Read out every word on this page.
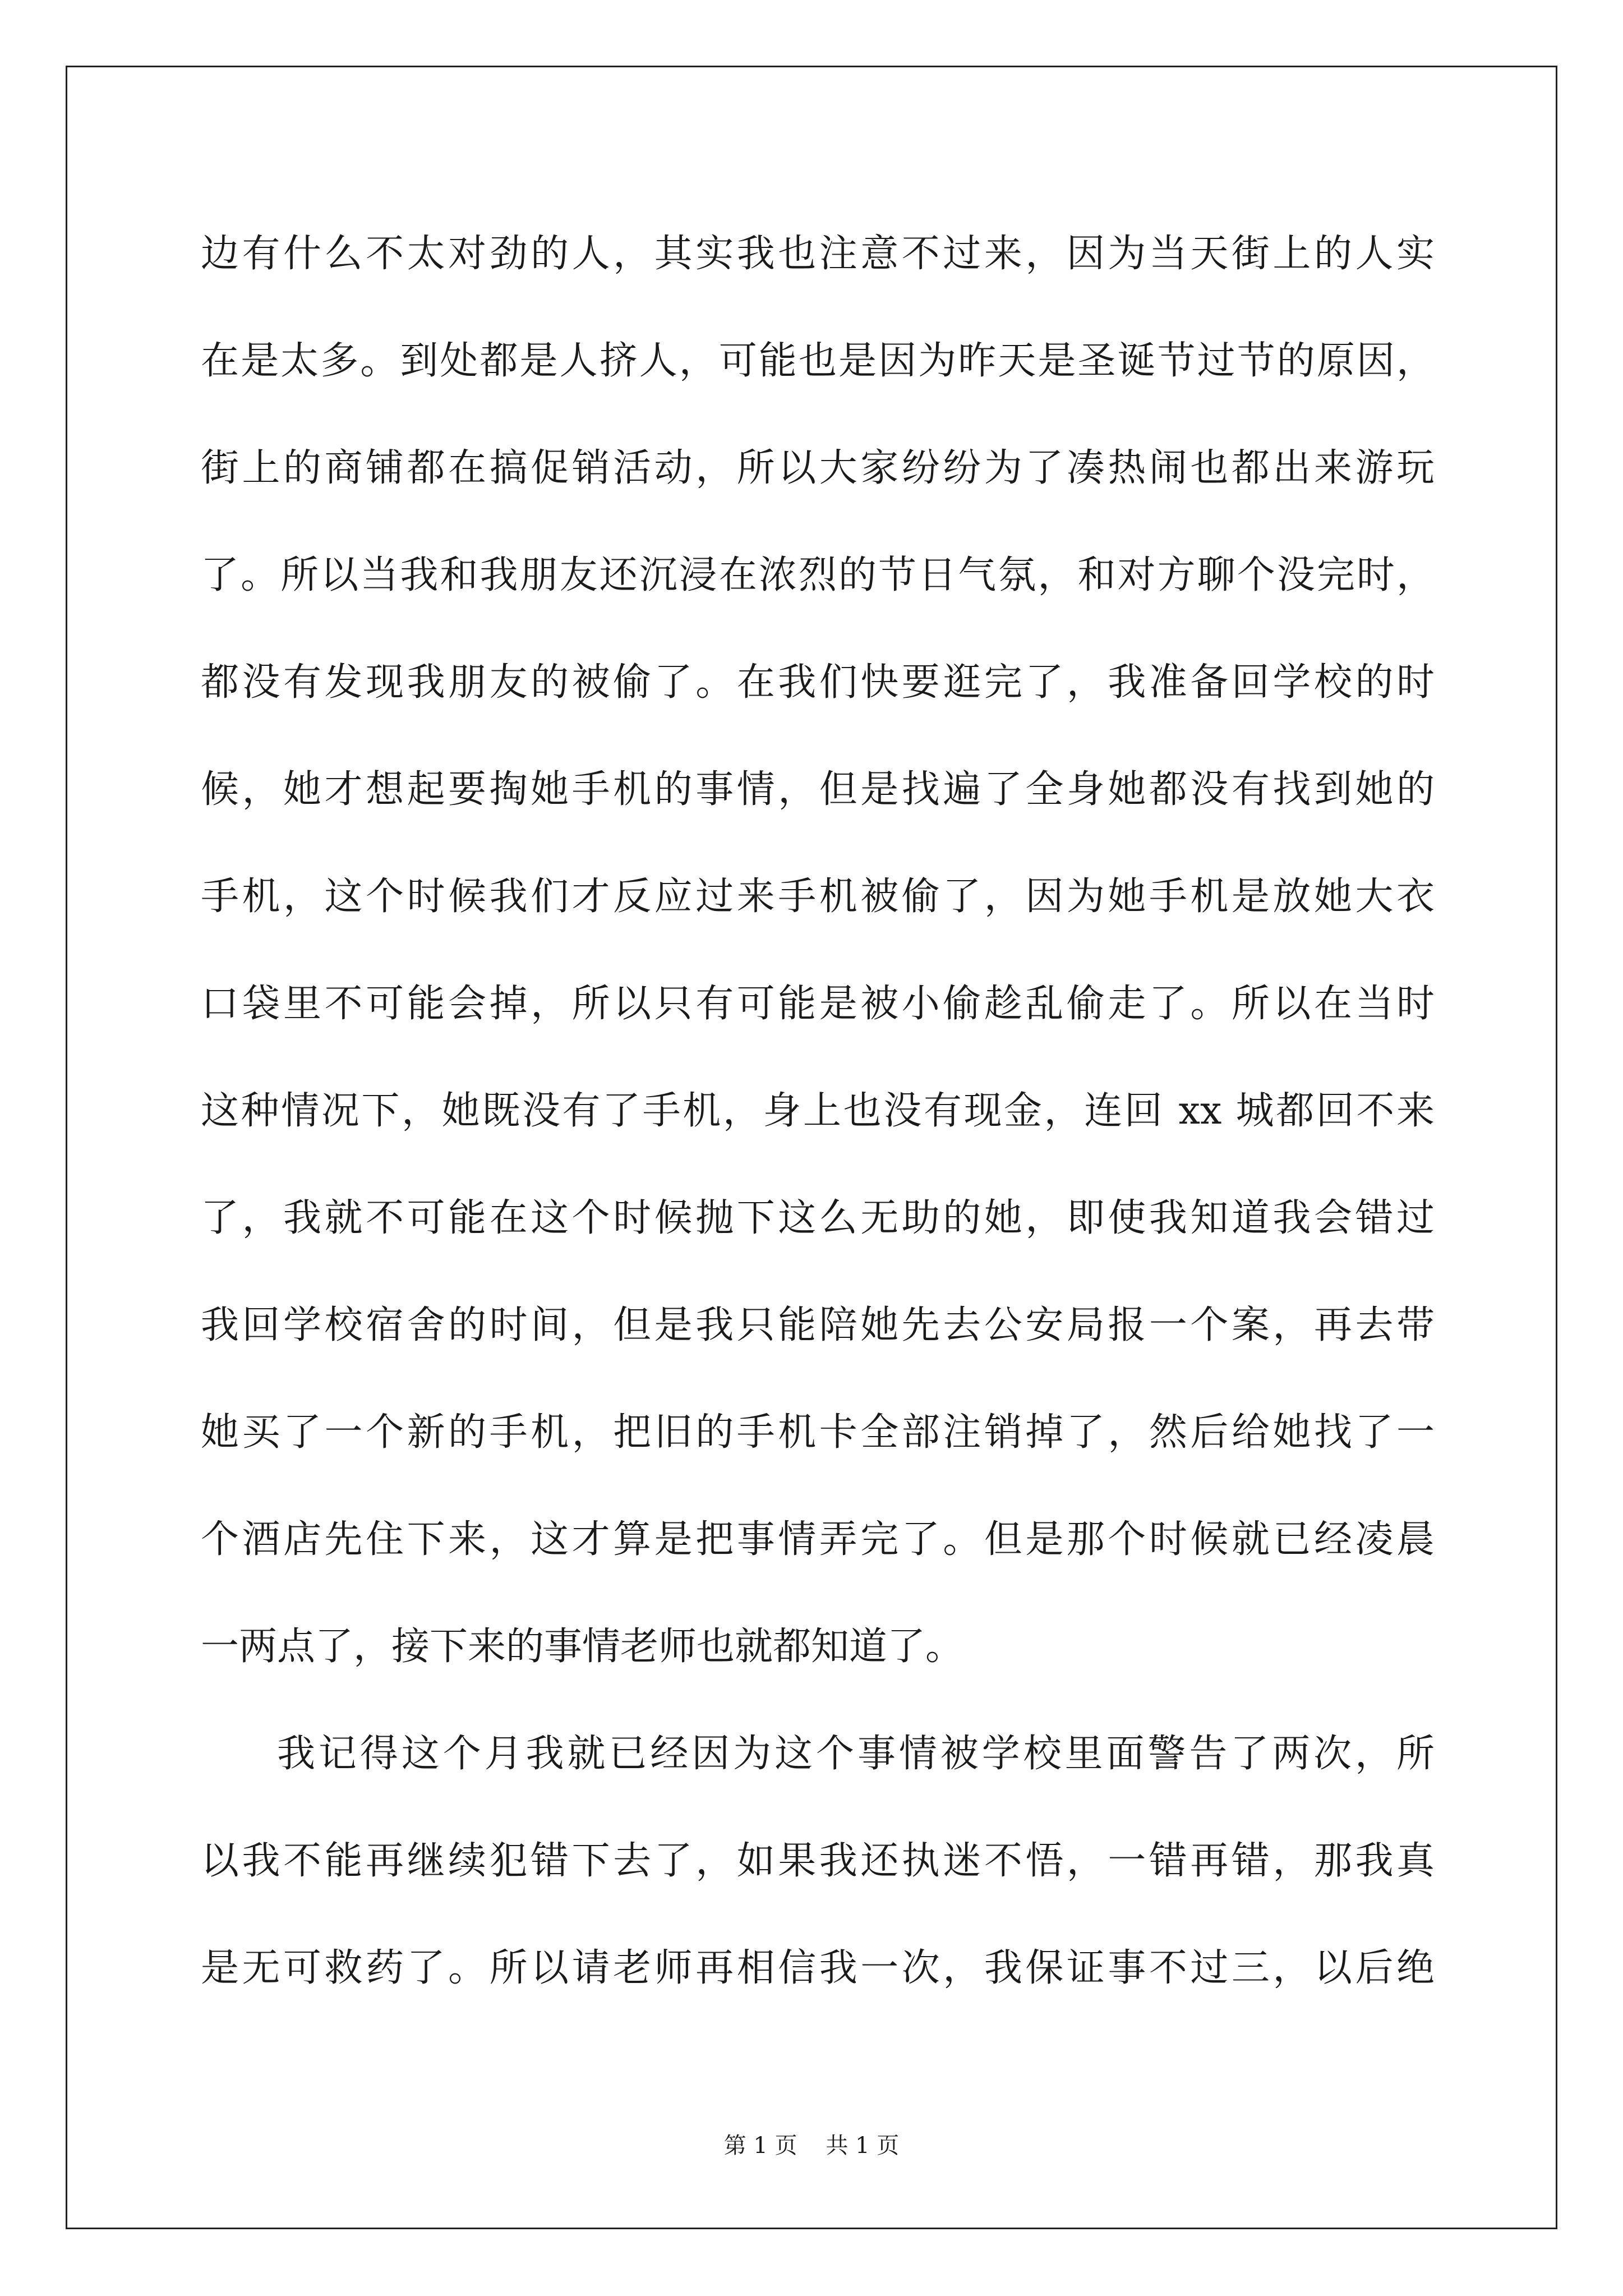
边有什么不太对劲的人，其实我也注意不过来，因为当天街上的人实
在是太多。到处都是人挤人，可能也是因为昨天是圣诞节过节的原因，
街上的商铺都在搞促销活动，所以大家纷纷为了凑热闹也都出来游玩
了。所以当我和我朋友还沉浸在浓烈的节日气氛，和对方聊个没完时，
都没有发现我朋友的被偷了。在我们快要逛完了，我准备回学校的时
候，她才想起要掏她手机的事情，但是找遍了全身她都没有找到她的
手机，这个时候我们才反应过来手机被偷了，因为她手机是放她大衣
口袋里不可能会掉，所以只有可能是被小偷趁乱偷走了。所以在当时
这种情况下，她既没有了手机，身上也没有现金，连回 xx 城都回不来
了，我就不可能在这个时候抛下这么无助的她，即使我知道我会错过
我回学校宿舍的时间，但是我只能陪她先去公安局报一个案，再去带
她买了一个新的手机，把旧的手机卡全部注销掉了，然后给她找了一
个酒店先住下来，这才算是把事情弄完了。但是那个时候就已经凌晨
一两点了，接下来的事情老师也就都知道了。
我记得这个月我就已经因为这个事情被学校里面警告了两次，所
以我不能再继续犯错下去了，如果我还执迷不悟，一错再错，那我真
是无可救药了。所以请老师再相信我一次，我保证事不过三，以后绝
第 1 页    共 1 页
